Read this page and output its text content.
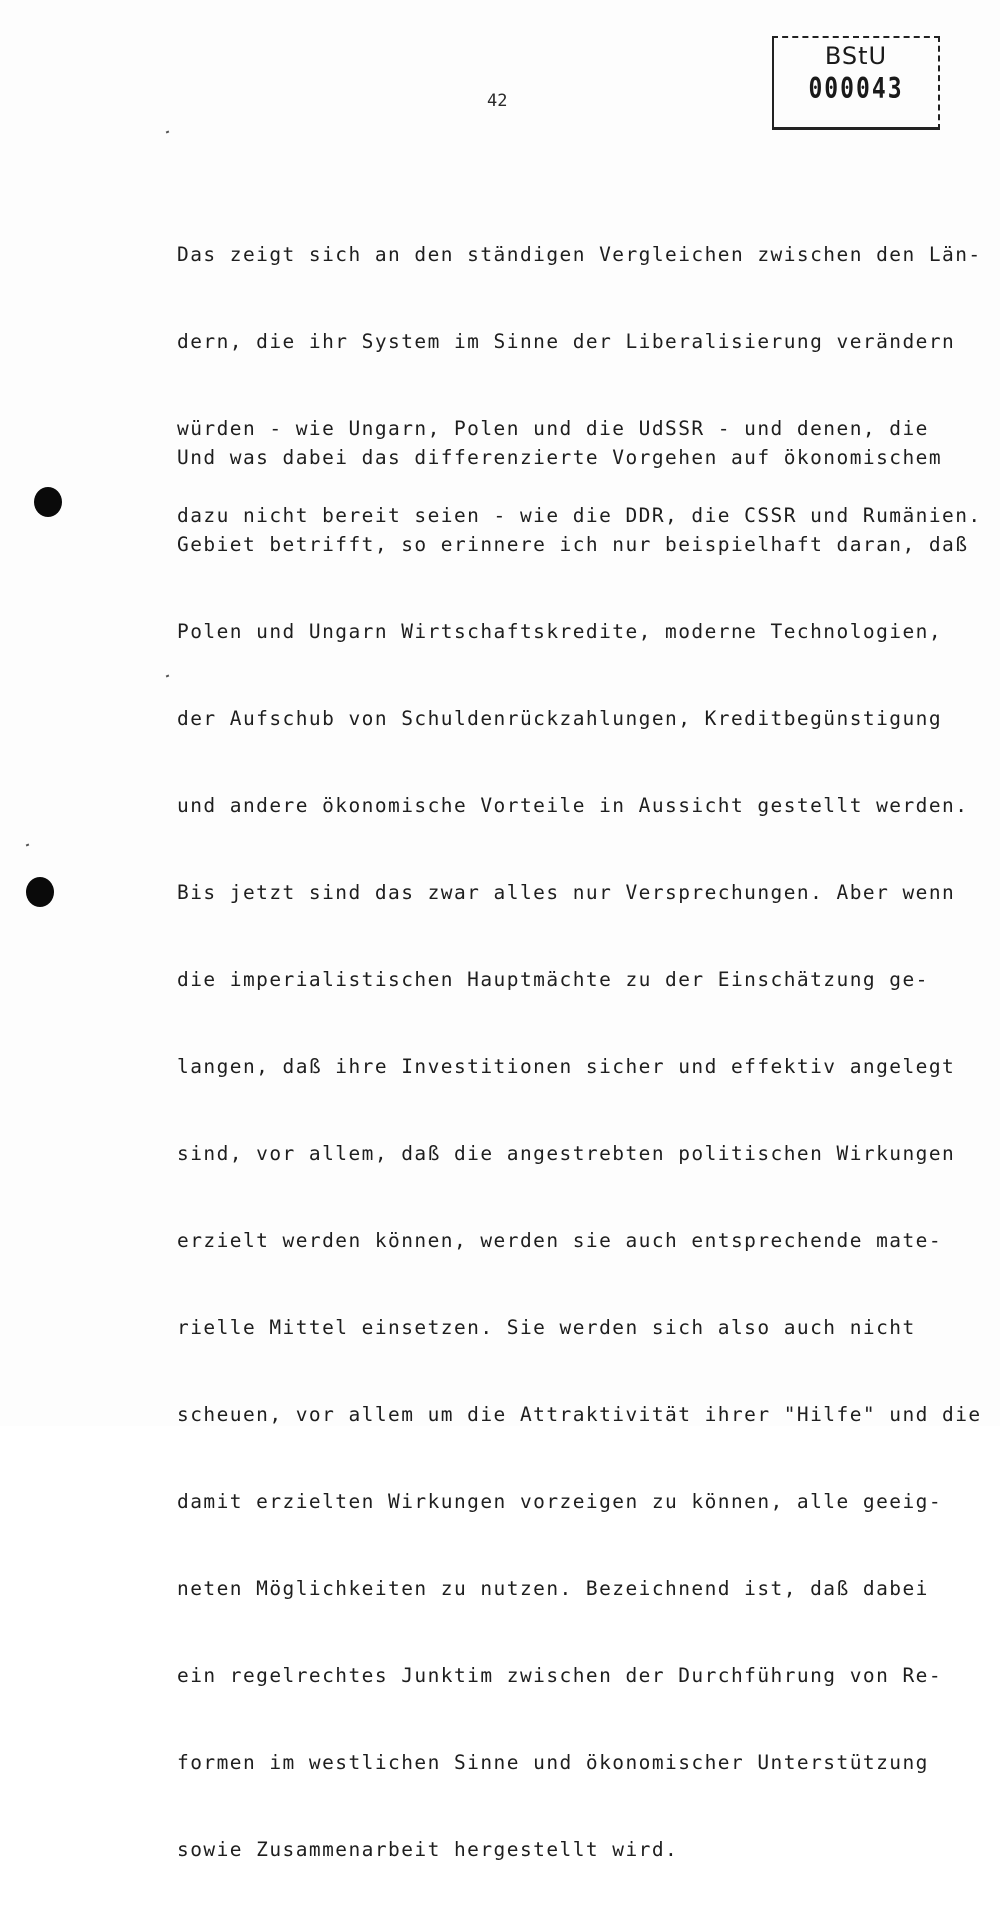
BStU
000043
42

Das zeigt sich an den ständigen Vergleichen zwischen den Län-

dern, die ihr System im Sinne der Liberalisierung verändern

würden - wie Ungarn, Polen und die UdSSR - und denen, die

dazu nicht bereit seien - wie die DDR, die CSSR und Rumänien.

Und was dabei das differenzierte Vorgehen auf ökonomischem

Gebiet betrifft, so erinnere ich nur beispielhaft daran, daß

Polen und Ungarn Wirtschaftskredite, moderne Technologien,

der Aufschub von Schuldenrückzahlungen, Kreditbegünstigung

und andere ökonomische Vorteile in Aussicht gestellt werden.

Bis jetzt sind das zwar alles nur Versprechungen. Aber wenn

die imperialistischen Hauptmächte zu der Einschätzung ge-

langen, daß ihre Investitionen sicher und effektiv angelegt

sind, vor allem, daß die angestrebten politischen Wirkungen

erzielt werden können, werden sie auch entsprechende mate-

rielle Mittel einsetzen. Sie werden sich also auch nicht

scheuen, vor allem um die Attraktivität ihrer "Hilfe" und die

damit erzielten Wirkungen vorzeigen zu können, alle geeig-

neten Möglichkeiten zu nutzen. Bezeichnend ist, daß dabei

ein regelrechtes Junktim zwischen der Durchführung von Re-

formen im westlichen Sinne und ökonomischer Unterstützung

sowie Zusammenarbeit hergestellt wird.
